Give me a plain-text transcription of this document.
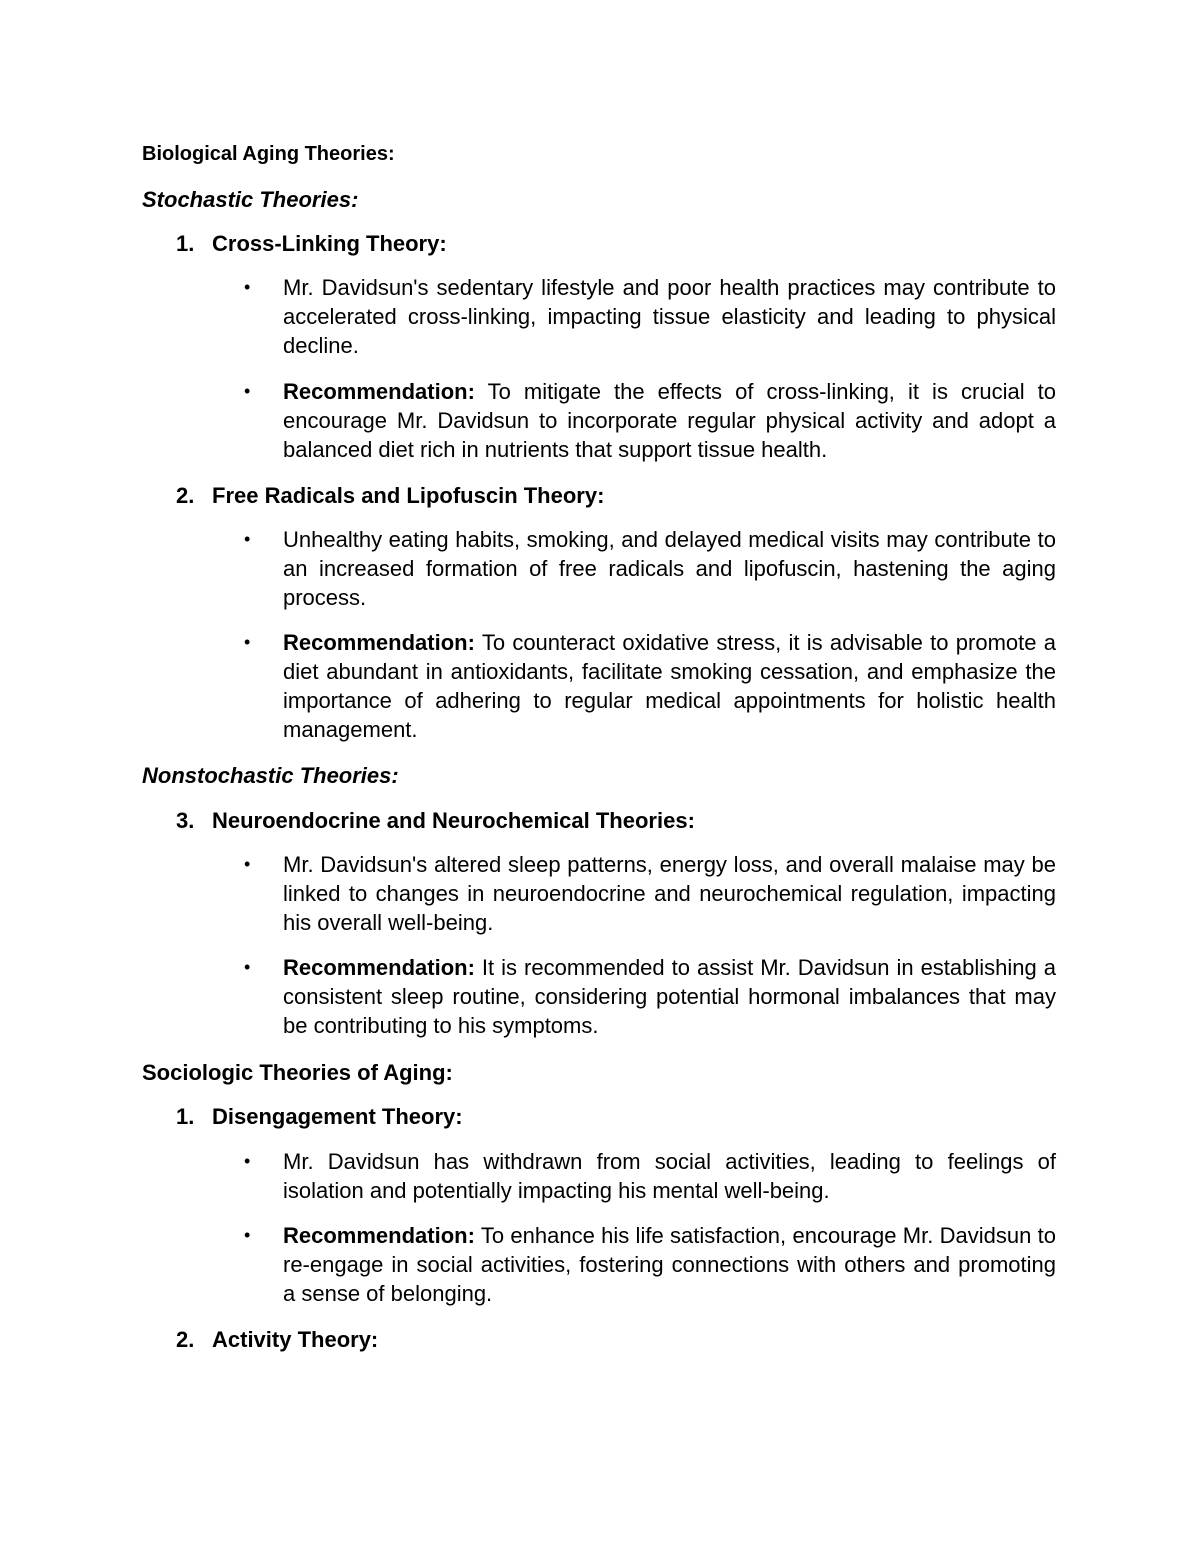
Biological Aging Theories:
Stochastic Theories:
1. Cross-Linking Theory:
• Mr. Davidsun's sedentary lifestyle and poor health practices may contribute to accelerated cross-linking, impacting tissue elasticity and leading to physical decline.
• Recommendation: To mitigate the effects of cross-linking, it is crucial to encourage Mr. Davidsun to incorporate regular physical activity and adopt a balanced diet rich in nutrients that support tissue health.
2. Free Radicals and Lipofuscin Theory:
• Unhealthy eating habits, smoking, and delayed medical visits may contribute to an increased formation of free radicals and lipofuscin, hastening the aging process.
• Recommendation: To counteract oxidative stress, it is advisable to promote a diet abundant in antioxidants, facilitate smoking cessation, and emphasize the importance of adhering to regular medical appointments for holistic health management.
Nonstochastic Theories:
3. Neuroendocrine and Neurochemical Theories:
• Mr. Davidsun's altered sleep patterns, energy loss, and overall malaise may be linked to changes in neuroendocrine and neurochemical regulation, impacting his overall well-being.
• Recommendation: It is recommended to assist Mr. Davidsun in establishing a consistent sleep routine, considering potential hormonal imbalances that may be contributing to his symptoms.
Sociologic Theories of Aging:
1. Disengagement Theory:
• Mr. Davidsun has withdrawn from social activities, leading to feelings of isolation and potentially impacting his mental well-being.
• Recommendation: To enhance his life satisfaction, encourage Mr. Davidsun to re-engage in social activities, fostering connections with others and promoting a sense of belonging.
2. Activity Theory:
